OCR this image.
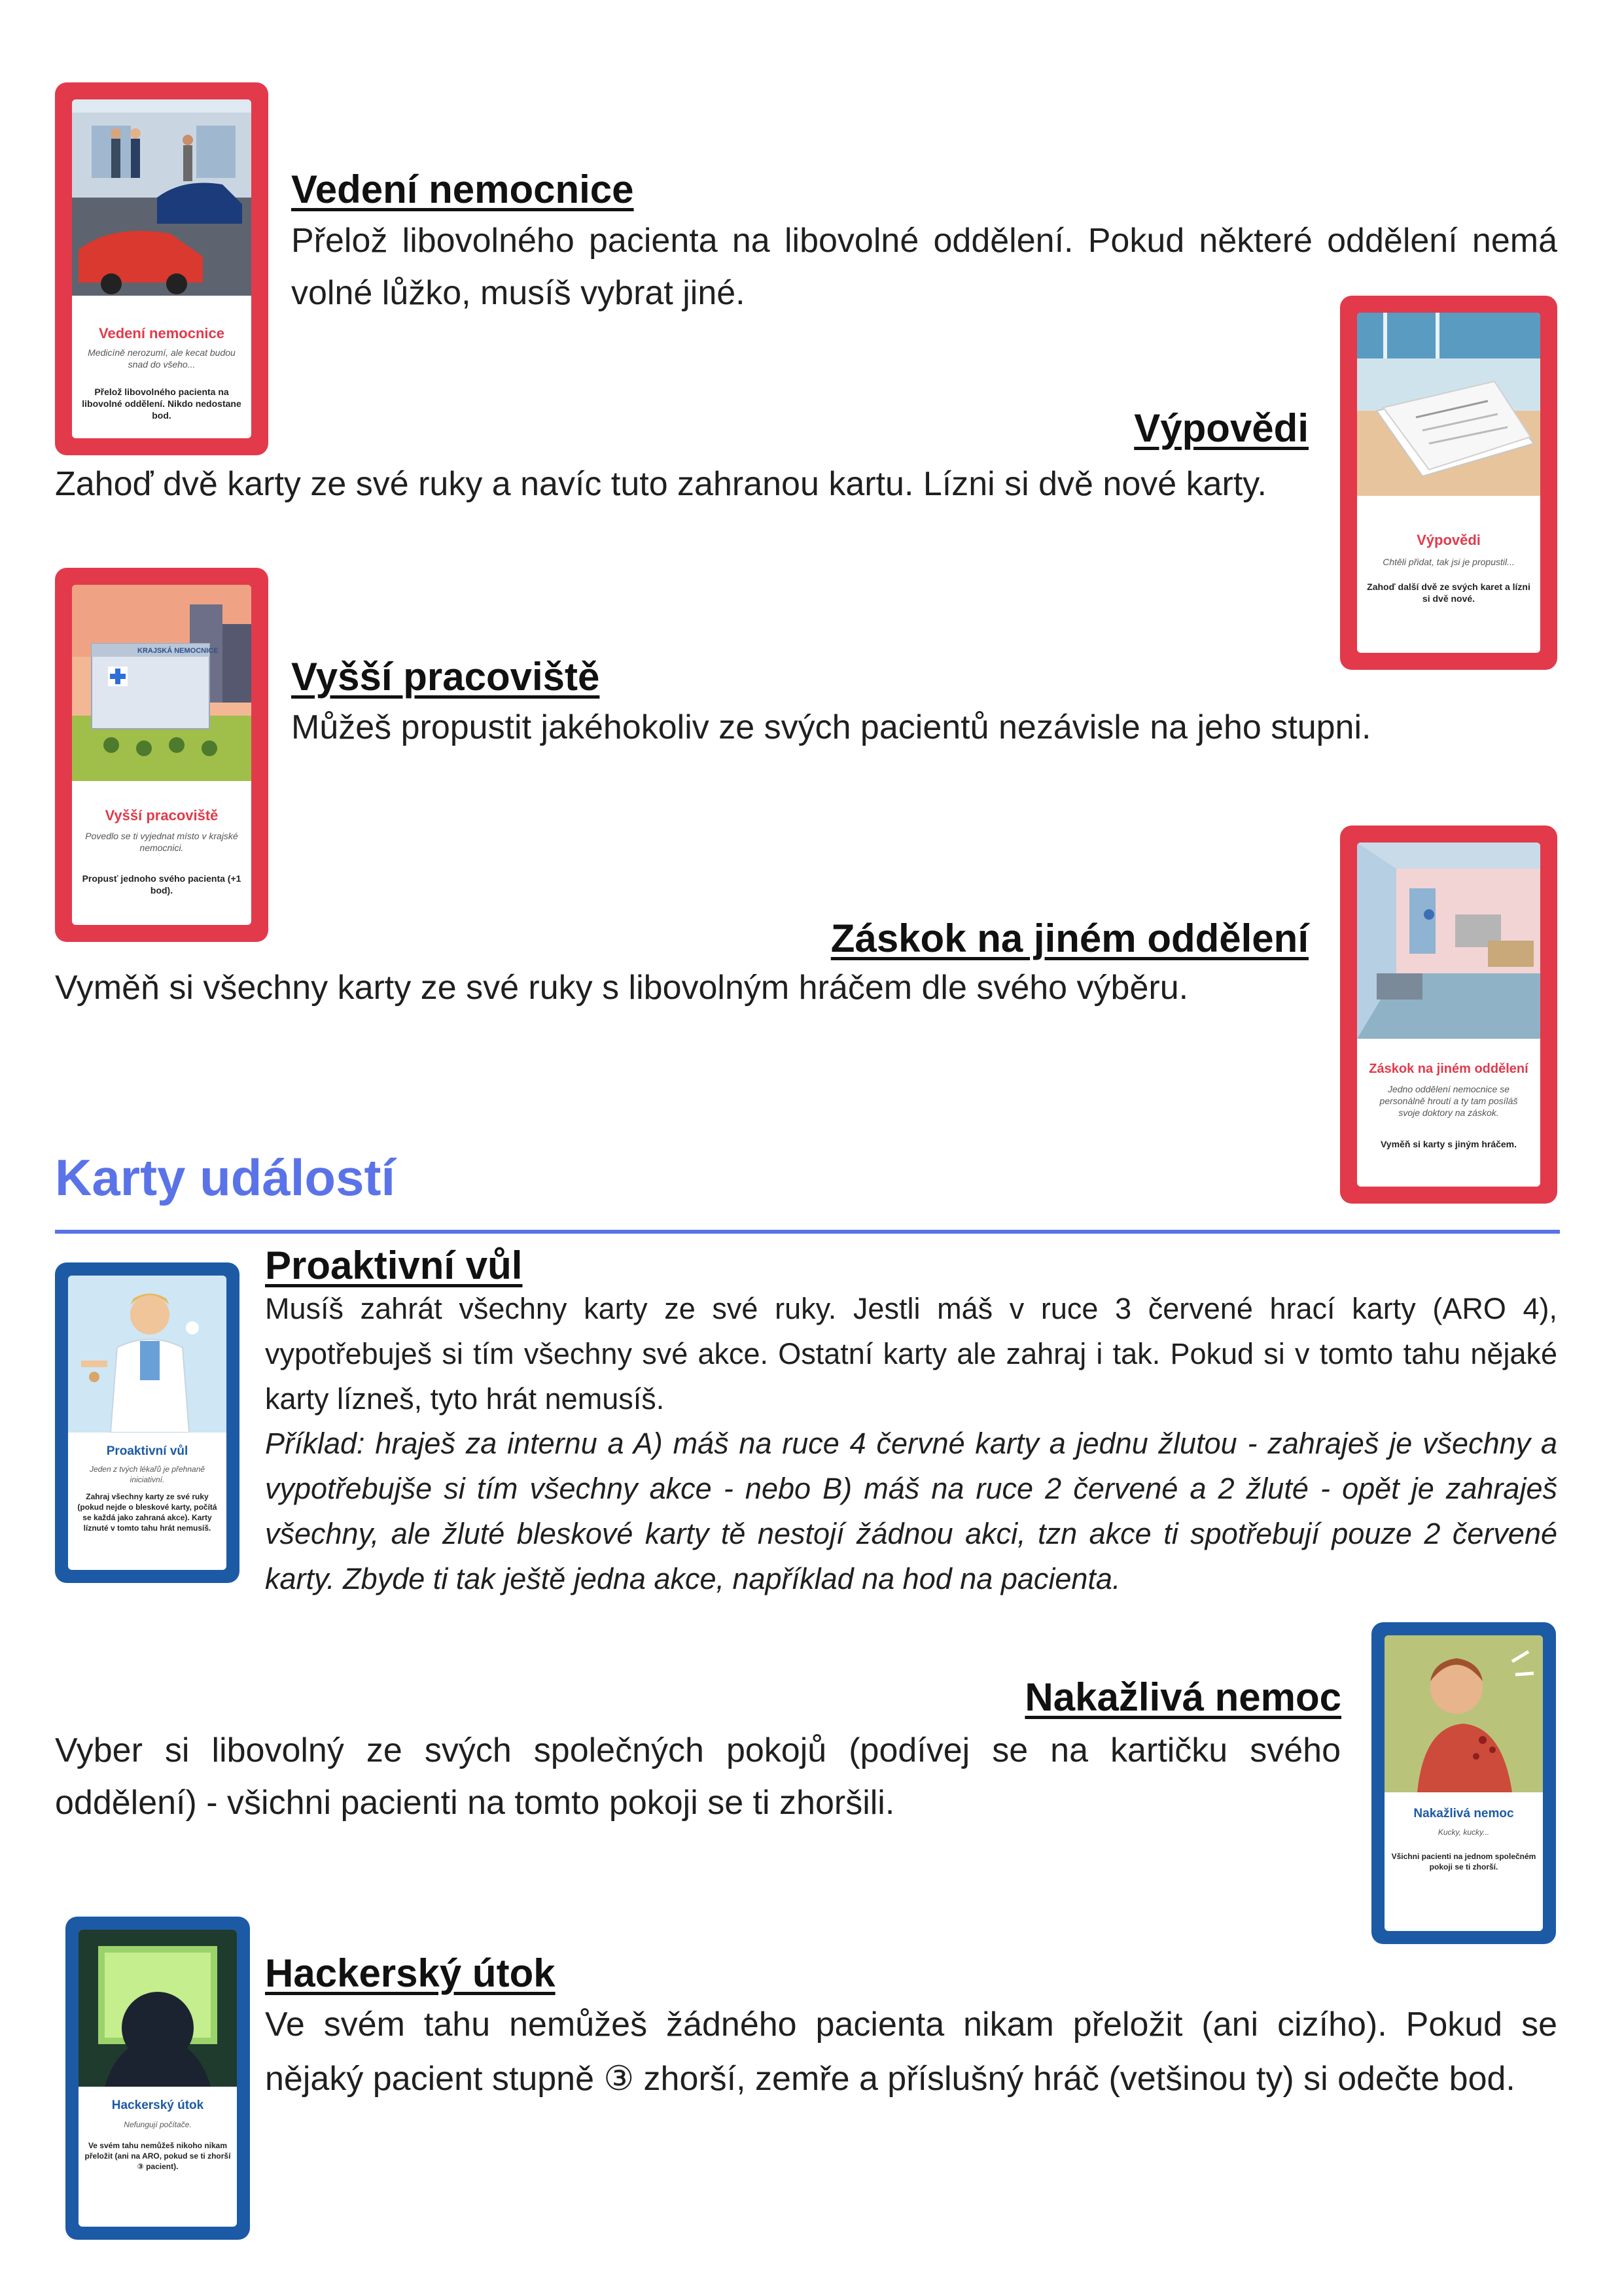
Vedení nemocnice
Medicíně nerozumí, ale kecat budou snad do všeho...
Přelož libovolného pacienta na libovolné oddělení. Nikdo nedostane bod.
Vedení nemocnice
Přelož libovolného pacienta na libovolné oddělení. Pokud některé oddělení nemá volné lůžko, musíš vybrat jiné.
Výpovědi
Chtěli přidat, tak jsi je propustil...
Zahoď další dvě ze svých karet a lízni si dvě nové.
Výpovědi
Zahoď dvě karty ze své ruky a navíc tuto zahranou kartu. Lízni si dvě nové karty.
KRAJSKÁ NEMOCNICE
Vyšší pracoviště
Povedlo se ti vyjednat místo v krajské nemocnici.
Propusť jednoho svého pacienta (+1 bod).
Vyšší pracoviště
Můžeš propustit jakéhokoliv ze svých pacientů nezávisle na jeho stupni.
Záskok na jiném oddělení
Jedno oddělení nemocnice se personálně hroutí a ty tam posíláš svoje doktory na záskok.
Vyměň si karty s jiným hráčem.
Záskok na jiném oddělení
Vyměň si všechny karty ze své ruky s libovolným hráčem dle svého výběru.
Karty událostí
Proaktivní vůl
Jeden z tvých lékařů je přehnaně iniciativní.
Zahraj všechny karty ze své ruky (pokud nejde o bleskové karty, počítá se každá jako zahraná akce). Karty líznuté v tomto tahu hrát nemusíš.
Proaktivní vůl
Musíš zahrát všechny karty ze své ruky. Jestli máš v ruce 3 červené hrací karty (ARO 4), vypotřebuješ si tím všechny své akce. Ostatní karty ale zahraj i tak. Pokud si v tomto tahu nějaké karty lízneš, tyto hrát nemusíš.
Příklad: hraješ za internu a A) máš na ruce 4 červné karty a jednu žlutou - zahraješ je všechny a vypotřebujše si tím všechny akce - nebo B) máš na ruce 2 červené a 2 žluté - opět je zahraješ všechny, ale žluté bleskové karty tě nestojí žádnou akci, tzn akce ti spotřebují pouze 2 červené karty. Zbyde ti tak ještě jedna akce, například na hod na pacienta.
Nakažlivá nemoc
Kucky, kucky...
Všichni pacienti na jednom společném pokoji se ti zhorší.
Nakažlivá nemoc
Vyber si libovolný ze svých společných pokojů (podívej se na kartičku svého oddělení) - všichni pacienti na tomto pokoji se ti zhoršili.
Hackerský útok
Nefungují počítače.
Ve svém tahu nemůžeš nikoho nikam přeložit (ani na ARO, pokud se ti zhorší ③ pacient).
Hackerský útok
Ve svém tahu nemůžeš žádného pacienta nikam přeložit (ani cizího). Pokud se nějaký pacient stupně ③ zhorší, zemře a příslušný hráč (vetšinou ty) si odečte bod.
